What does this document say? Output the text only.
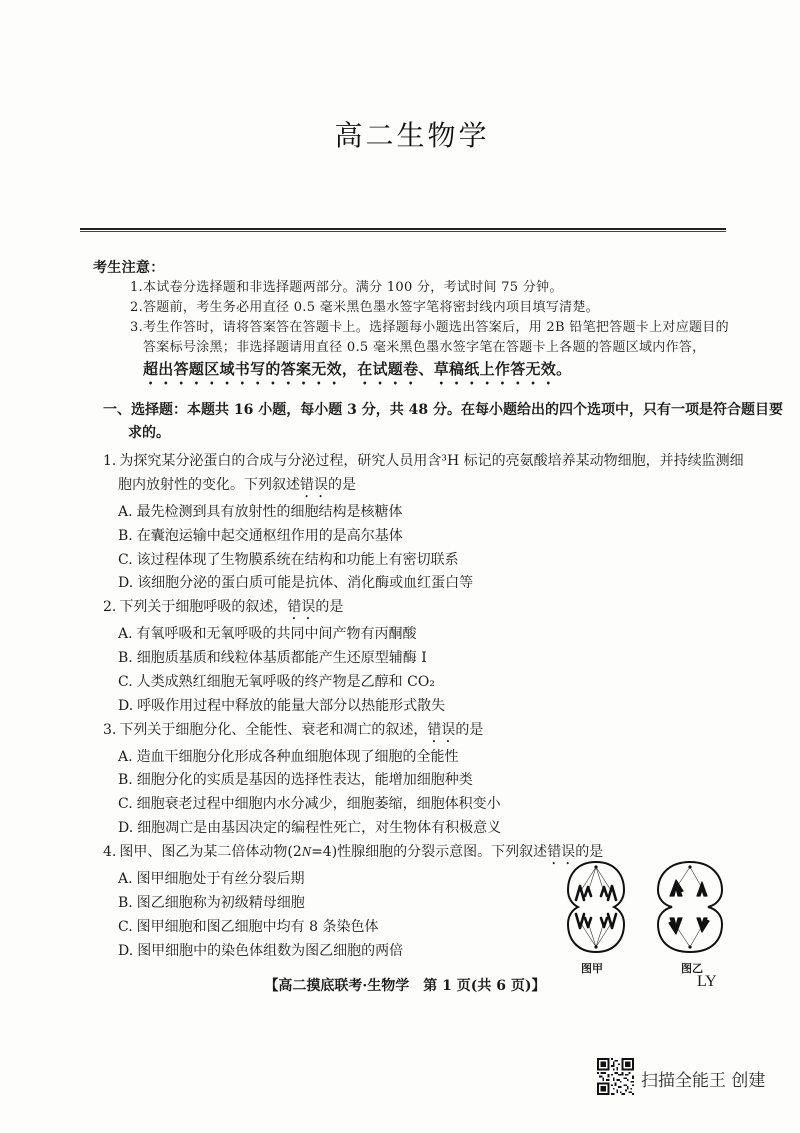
高二生物学
考生注意：
1.本试卷分选择题和非选择题两部分。满分 100 分，考试时间 75 分钟。
2.答题前，考生务必用直径 0.5 毫米黑色墨水签字笔将密封线内项目填写清楚。
3.考生作答时，请将答案答在答题卡上。选择题每小题选出答案后，用 2B 铅笔把答题卡上对应题目的
答案标号涂黑；非选择题请用直径 0.5 毫米黑色墨水签字笔在答题卡上各题的答题区域内作答，
超出答题区域书写的答案无效，在试题卷、草稿纸上作答无效。
一、选择题：本题共 16 小题，每小题 3 分，共 48 分。在每小题给出的四个选项中，只有一项是符合题目要
求的。
1. 为探究某分泌蛋白的合成与分泌过程，研究人员用含³H 标记的亮氨酸培养某动物细胞，并持续监测细
胞内放射性的变化。下列叙述错误的是
A. 最先检测到具有放射性的细胞结构是核糖体
B. 在囊泡运输中起交通枢纽作用的是高尔基体
C. 该过程体现了生物膜系统在结构和功能上有密切联系
D. 该细胞分泌的蛋白质可能是抗体、消化酶或血红蛋白等
2. 下列关于细胞呼吸的叙述，错误的是
A. 有氧呼吸和无氧呼吸的共同中间产物有丙酮酸
B. 细胞质基质和线粒体基质都能产生还原型辅酶 Ⅰ
C. 人类成熟红细胞无氧呼吸的终产物是乙醇和 CO₂
D. 呼吸作用过程中释放的能量大部分以热能形式散失
3. 下列关于细胞分化、全能性、衰老和凋亡的叙述，错误的是
A. 造血干细胞分化形成各种血细胞体现了细胞的全能性
B. 细胞分化的实质是基因的选择性表达，能增加细胞种类
C. 细胞衰老过程中细胞内水分减少，细胞萎缩，细胞体积变小
D. 细胞凋亡是由基因决定的编程性死亡，对生物体有积极意义
4. 图甲、图乙为某二倍体动物(2N=4)性腺细胞的分裂示意图。下列叙述错误的是
A. 图甲细胞处于有丝分裂后期
B. 图乙细胞称为初级精母细胞
C. 图甲细胞和图乙细胞中均有 8 条染色体
D. 图甲细胞中的染色体组数为图乙细胞的两倍
图甲	图乙
【高二摸底联考·生物学　第 1 页(共 6 页)】	LY
扫描全能王 创建
